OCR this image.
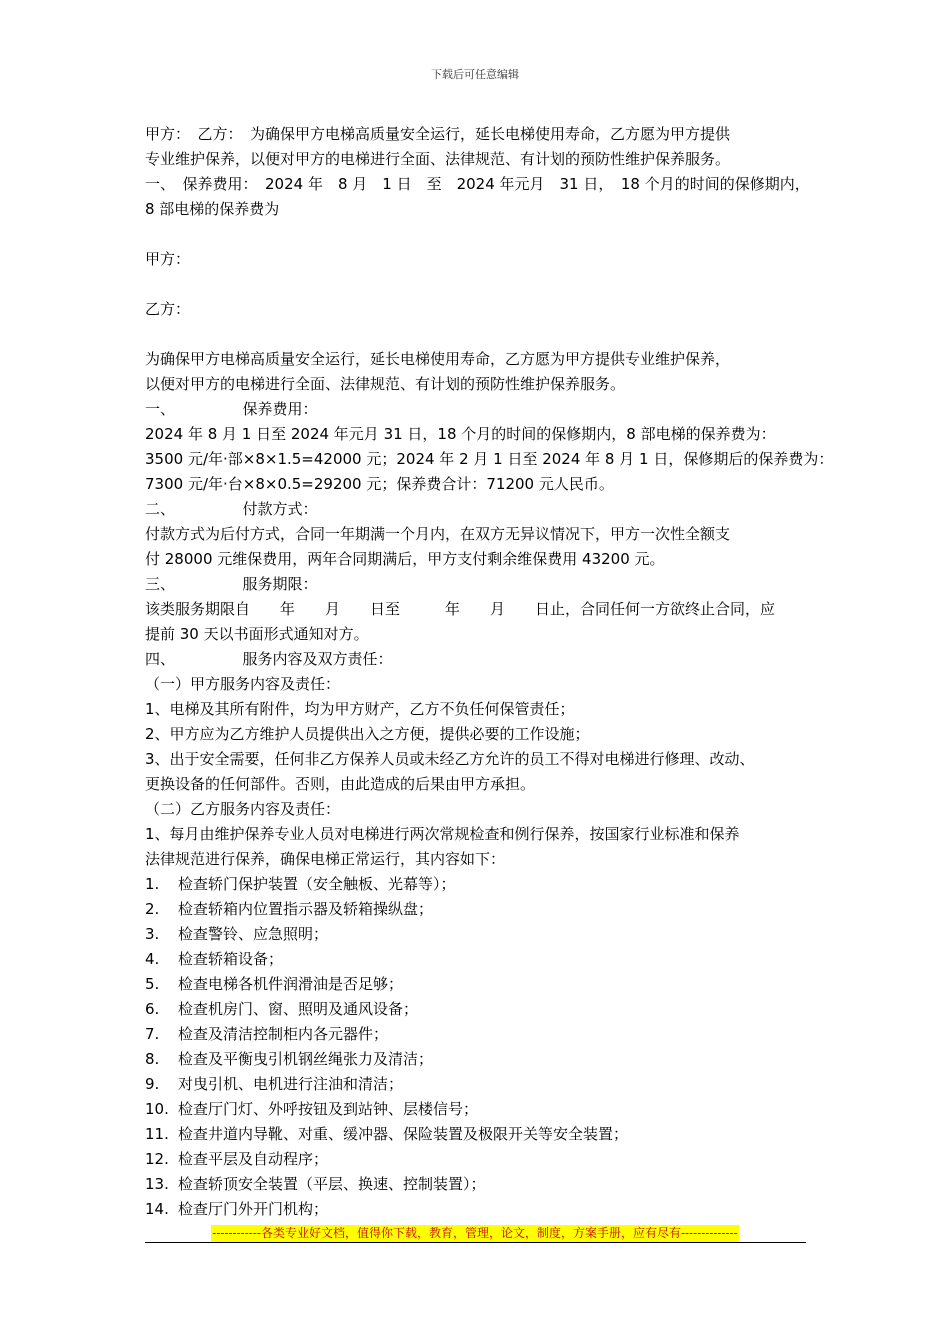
下载后可任意编辑

甲方：　乙方：　为确保甲方电梯高质量安全运行，延长电梯使用寿命，乙方愿为甲方提供

专业维护保养，以便对甲方的电梯进行全面、法律规范、有计划的预防性维护保养服务。

一、　保养费用：　2024 年　8 月　1 日　至　2024 年元月　31 日，　18 个月的时间的保修期内，

8 部电梯的保养费为

甲方：

乙方：

为确保甲方电梯高质量安全运行，延长电梯使用寿命，乙方愿为甲方提供专业维护保养，

以便对甲方的电梯进行全面、法律规范、有计划的预防性维护保养服务。

一、　　　　　保养费用：

2024 年 8 月 1 日至 2024 年元月 31 日，18 个月的时间的保修期内，8 部电梯的保养费为：

3500 元/年·部×8×1.5=42000 元；2024 年 2 月 1 日至 2024 年 8 月 1 日，保修期后的保养费为：

7300 元/年·台×8×0.5=29200 元；保养费合计：71200 元人民币。

二、　　　　　付款方式：

付款方式为后付方式，合同一年期满一个月内，在双方无异议情况下，甲方一次性全额支

付 28000 元维保费用，两年合同期满后，甲方支付剩余维保费用 43200 元。

三、　　　　　服务期限：

该类服务期限自　　年　　月　　日至　　　年　　月　　日止，合同任何一方欲终止合同，应

提前 30 天以书面形式通知对方。

四、　　　　　服务内容及双方责任：

（一）甲方服务内容及责任：

1、电梯及其所有附件，均为甲方财产，乙方不负任何保管责任；

2、甲方应为乙方维护人员提供出入之方便，提供必要的工作设施；

3、出于安全需要，任何非乙方保养人员或未经乙方允许的员工不得对电梯进行修理、改动、

更换设备的任何部件。否则，由此造成的后果由甲方承担。

（二）乙方服务内容及责任：

1、每月由维护保养专业人员对电梯进行两次常规检查和例行保养，按国家行业标准和保养

法律规范进行保养，确保电梯正常运行，其内容如下：

1.	检查轿门保护装置（安全触板、光幕等）；
2.	检查轿箱内位置指示器及轿箱操纵盘；
3.	检查警铃、应急照明；
4.	检查轿箱设备；
5.	检查电梯各机件润滑油是否足够；
6.	检查机房门、窗、照明及通风设备；
7.	检查及清洁控制柜内各元器件；
8.	检查及平衡曳引机钢丝绳张力及清洁；
9.	对曳引机、电机进行注油和清洁；
10. 检查厅门灯、外呼按钮及到站钟、层楼信号；
11. 检查井道内导靴、对重、缓冲器、保险装置及极限开关等安全装置；
12. 检查平层及自动程序；
13. 检查轿顶安全装置（平层、换速、控制装置）；
14. 检查厅门外开门机构；
------------各类专业好文档，值得你下载，教育，管理，论文，制度，方案手册，应有尽有--------------
